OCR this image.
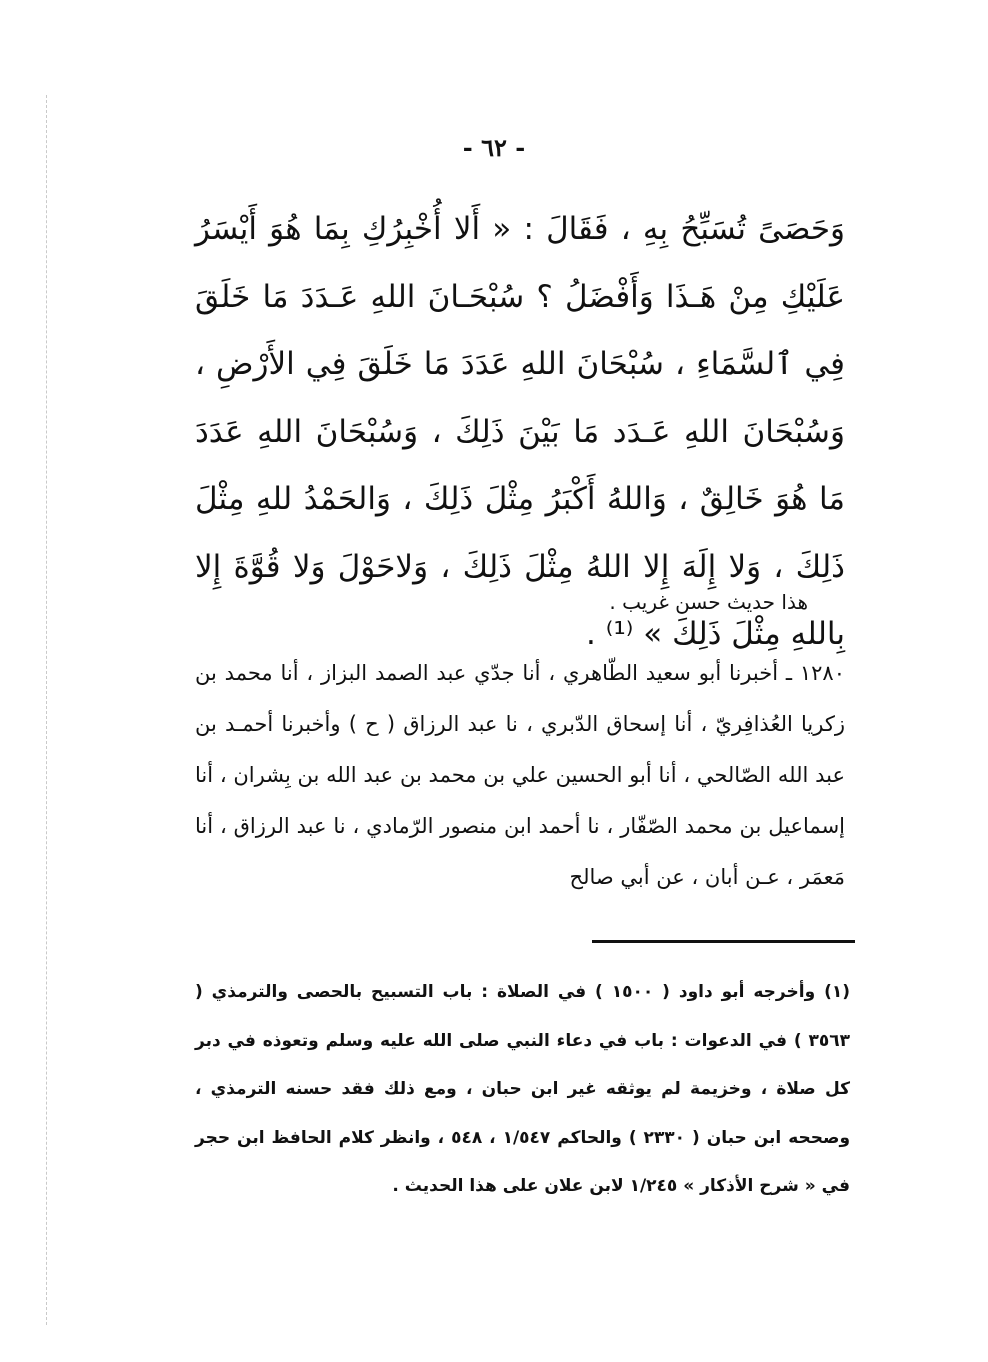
- ٦٢ -

وَحَصَىً تُسَبِّحُ بِهِ ، فَقَالَ : « أَلا أُخْبِرُكِ بِمَا هُوَ أَيْسَرُ عَلَيْكِ مِنْ هَـذَا وَأَفْضَلُ ؟ سُبْحَـانَ اللهِ عَـدَدَ مَا خَلَقَ فِي ٱلسَّمَاءِ ، سُبْحَانَ اللهِ عَدَدَ مَا خَلَقَ فِي الأَرْضِ ، وَسُبْحَانَ اللهِ عَـدَد مَا بَيْنَ ذَلِكَ ، وَسُبْحَانَ اللهِ عَدَدَ مَا هُوَ خَالِقٌ ، وَاللهُ أَكْبَرُ مِثْلَ ذَلِكَ ، وَالحَمْدُ للهِ مِثْلَ ذَلِكَ ، وَلا إِلَهَ إِلا اللهُ مِثْلَ ذَلِكَ ، وَلاحَوْلَ وَلا قُوَّةَ إِلا بِاللهِ مِثْلَ ذَلِكَ » ⁽¹⁾ .

هذا حديث حسن غريب .

١٢٨٠ ـ أخبرنا أبو سعيد الطّاهري ، أنا جدّي عبد الصمد البزاز ، أنا محمد بن زكريا العُذافِريّ ، أنا إسحاق الدّبري ، نا عبد الرزاق ( ح ) وأخبرنا أحمـد بن عبد الله الصّالحي ، أنا أبو الحسين علي بن محمد بن عبد الله بن بِشران ، أنا إسماعيل بن محمد الصّفّار ، نا أحمد ابن منصور الرّمادي ، نا عبد الرزاق ، أنا مَعمَر ، عـن أبان ، عن أبي صالح

(١) وأخرجه أبو داود ( ١٥٠٠ ) في الصلاة : باب التسبيح بالحصى والترمذي ( ٣٥٦٣ ) في الدعوات : باب في دعاء النبي صلى الله عليه وسلم وتعوذه في دبر كل صلاة ، وخزيمة لم يوثقه غير ابن حبان ، ومع ذلك فقد حسنه الترمذي ، وصححه ابن حبان ( ٢٣٣٠ ) والحاكم ١/٥٤٧ ، ٥٤٨ ، وانظر كلام الحافظ ابن حجر في « شرح الأذكار » ١/٢٤٥ لابن علان على هذا الحديث .
